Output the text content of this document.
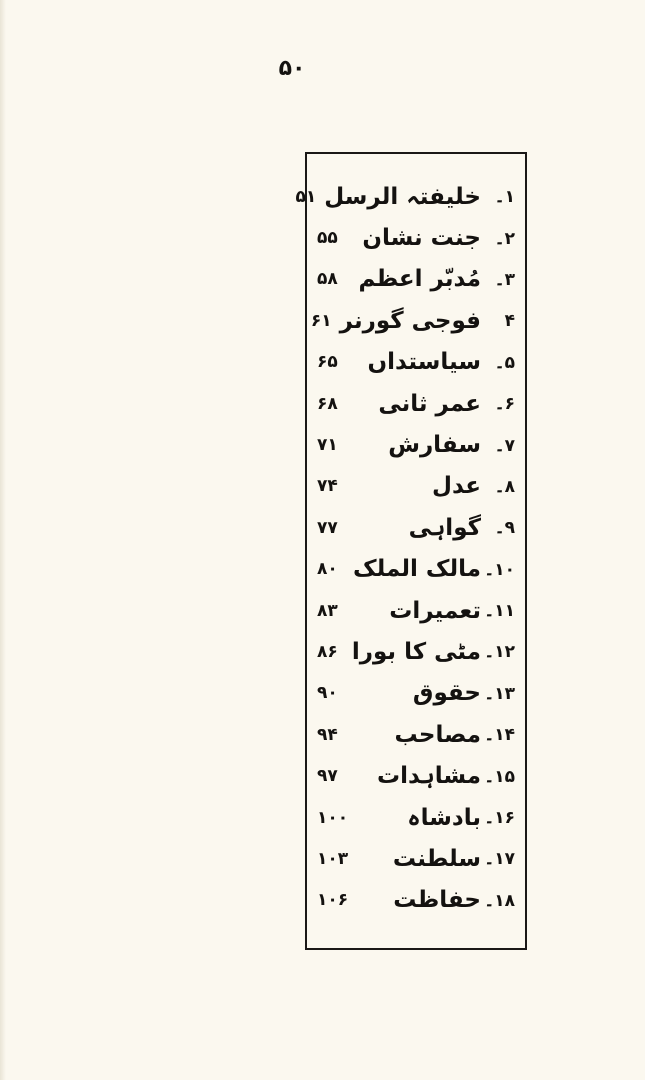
۵۰
۱۔
خلیفتہ الرسل
۵۱
۲۔
جنت نشان
۵۵
۳۔
مُدبّر اعظم
۵۸
۴
فوجی گورنر
۶۱
۵۔
سیاستداں
۶۵
۶۔
عمر ثانی
۶۸
۷۔
سفارش
۷۱
۸۔
عدل
۷۴
۹۔
گواہی
۷۷
۱۰۔
مالک الملک
۸۰
۱۱۔
تعمیرات
۸۳
۱۲۔
مٹی کا بورا
۸۶
۱۳۔
حقوق
۹۰
۱۴۔
مصاحب
۹۴
۱۵۔
مشاہدات
۹۷
۱۶۔
بادشاہ
۱۰۰
۱۷۔
سلطنت
۱۰۳
۱۸۔
حفاظت
۱۰۶
